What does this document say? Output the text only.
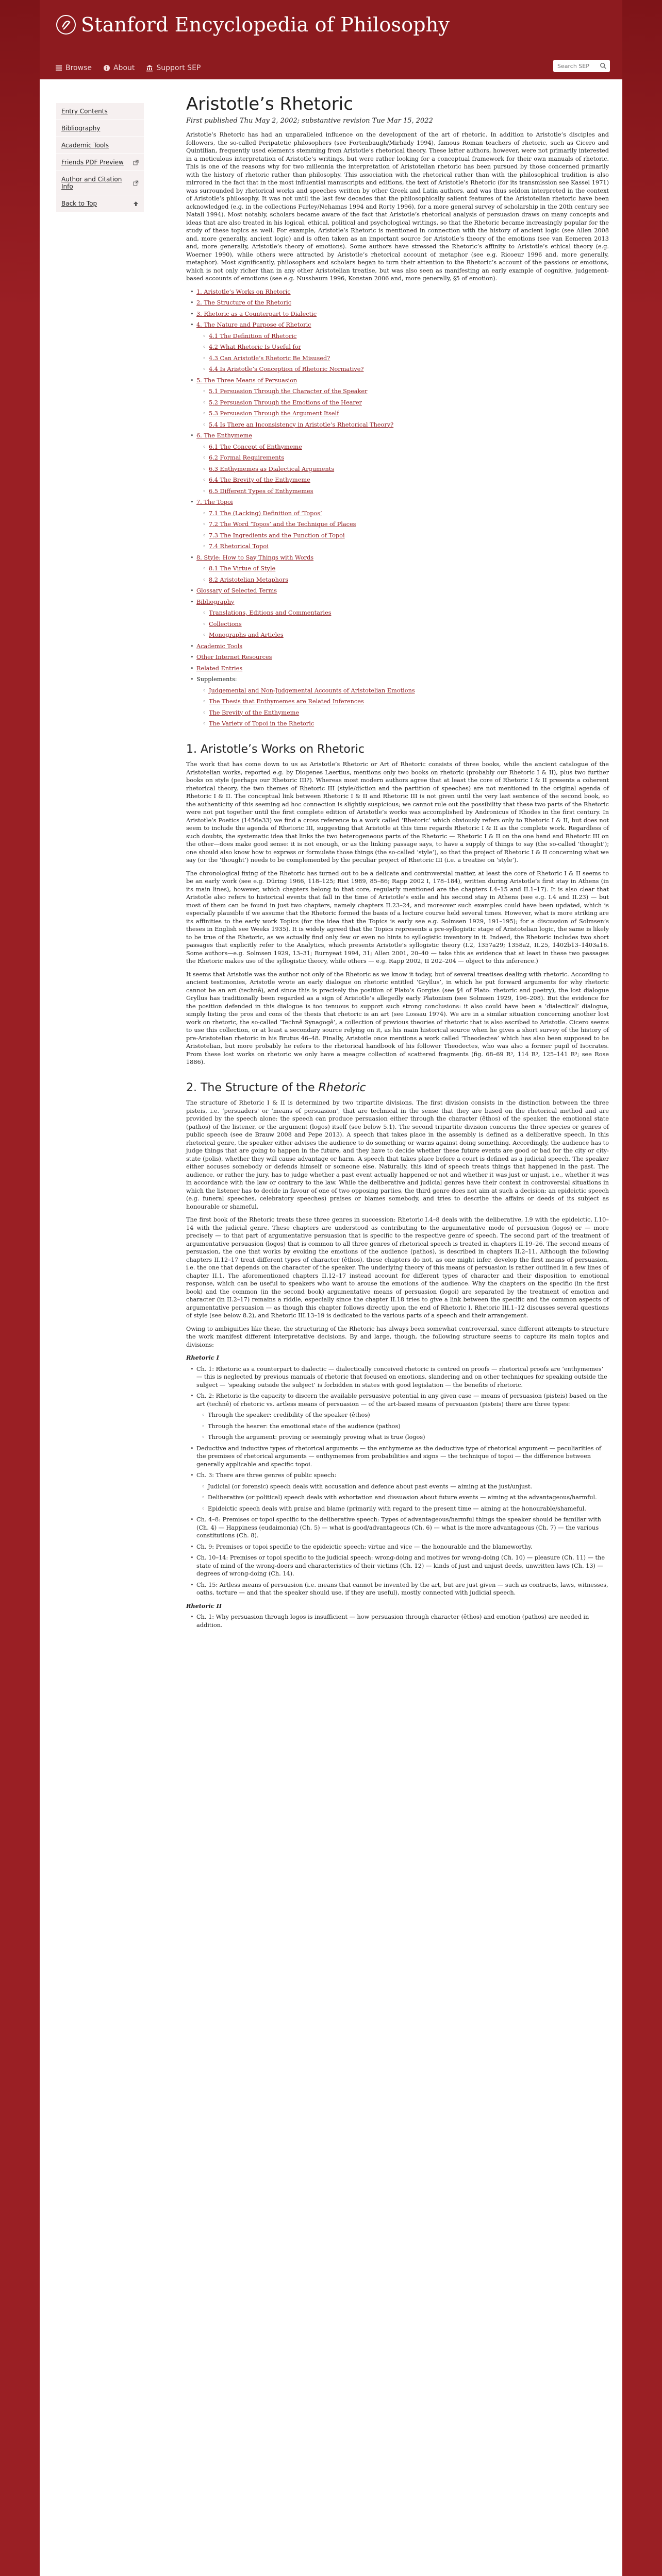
Stanford Encyclopedia of Philosophy
Browse	About	Support SEP
Search SEP
Entry Contents
Bibliography
Academic Tools
Friends PDF Preview
Author and Citation Info
Back to Top
Aristotle’s Rhetoric
First published Thu May 2, 2002; substantive revision Tue Mar 15, 2022

Aristotle’s Rhetoric has had an unparalleled influence on the development of the art of rhetoric. In addition to Aristotle’s disciples and followers, the so-called Peripatetic philosophers (see Fortenbaugh/Mirhady 1994), famous Roman teachers of rhetoric, such as Cicero and Quintilian, frequently used elements stemming from Aristotle’s rhetorical theory. These latter authors, however, were not primarily interested in a meticulous interpretation of Aristotle’s writings, but were rather looking for a conceptual framework for their own manuals of rhetoric. This is one of the reasons why for two millennia the interpretation of Aristotelian rhetoric has been pursued by those concerned primarily with the history of rhetoric rather than philosophy. This association with the rhetorical rather than with the philosophical tradition is also mirrored in the fact that in the most influential manuscripts and editions, the text of Aristotle’s Rhetoric (for its transmission see Kassel 1971) was surrounded by rhetorical works and speeches written by other Greek and Latin authors, and was thus seldom interpreted in the context of Aristotle’s philosophy. It was not until the last few decades that the philosophically salient features of the Aristotelian rhetoric have been acknowledged (e.g. in the collections Furley/Nehamas 1994 and Rorty 1996), for a more general survey of scholarship in the 20th century see Natali 1994). Most notably, scholars became aware of the fact that Aristotle’s rhetorical analysis of persuasion draws on many concepts and ideas that are also treated in his logical, ethical, political and psychological writings, so that the Rhetoric became increasingly popular for the study of these topics as well. For example, Aristotle’s Rhetoric is mentioned in connection with the history of ancient logic (see Allen 2008 and, more generally, ancient logic) and is often taken as an important source for Aristotle’s theory of the emotions (see van Eemeren 2013 and, more generally, Aristotle’s theory of emotions). Some authors have stressed the Rhetoric’s affinity to Aristotle’s ethical theory (e.g. Woerner 1990), while others were attracted by Aristotle’s rhetorical account of metaphor (see e.g. Ricoeur 1996 and, more generally, metaphor). Most significantly, philosophers and scholars began to turn their attention to the Rhetoric’s account of the passions or emotions, which is not only richer than in any other Aristotelian treatise, but was also seen as manifesting an early example of cognitive, judgement-based accounts of emotions (see e.g. Nussbaum 1996, Konstan 2006 and, more generally, §5 of emotion).

• 1. Aristotle’s Works on Rhetoric
• 2. The Structure of the Rhetoric
• 3. Rhetoric as a Counterpart to Dialectic
• 4. The Nature and Purpose of Rhetoric
◦ 4.1 The Definition of Rhetoric
◦ 4.2 What Rhetoric Is Useful for
◦ 4.3 Can Aristotle’s Rhetoric Be Misused?
◦ 4.4 Is Aristotle’s Conception of Rhetoric Normative?
• 5. The Three Means of Persuasion
◦ 5.1 Persuasion Through the Character of the Speaker
◦ 5.2 Persuasion Through the Emotions of the Hearer
◦ 5.3 Persuasion Through the Argument Itself
◦ 5.4 Is There an Inconsistency in Aristotle’s Rhetorical Theory?
• 6. The Enthymeme
◦ 6.1 The Concept of Enthymeme
◦ 6.2 Formal Requirements
◦ 6.3 Enthymemes as Dialectical Arguments
◦ 6.4 The Brevity of the Enthymeme
◦ 6.5 Different Types of Enthymemes
• 7. The Topoi
◦ 7.1 The (Lacking) Definition of ‘Topos’
◦ 7.2 The Word ‘Topos’ and the Technique of Places
◦ 7.3 The Ingredients and the Function of Topoi
◦ 7.4 Rhetorical Topoi
• 8. Style: How to Say Things with Words
◦ 8.1 The Virtue of Style
◦ 8.2 Aristotelian Metaphors
• Glossary of Selected Terms
• Bibliography
◦ Translations, Editions and Commentaries
◦ Collections
◦ Monographs and Articles
• Academic Tools
• Other Internet Resources
• Related Entries
• Supplements:
◦ Judgemental and Non-Judgemental Accounts of Aristotelian Emotions
◦ The Thesis that Enthymemes are Related Inferences
◦ The Brevity of the Enthymeme
◦ The Variety of Topoi in the Rhetoric
1. Aristotle’s Works on Rhetoric

The work that has come down to us as Aristotle’s Rhetoric or Art of Rhetoric consists of three books, while the ancient catalogue of the Aristotelian works, reported e.g. by Diogenes Laertius, mentions only two books on rhetoric (probably our Rhetoric I & II), plus two further books on style (perhaps our Rhetoric III?). Whereas most modern authors agree that at least the core of Rhetoric I & II presents a coherent rhetorical theory, the two themes of Rhetoric III (style/diction and the partition of speeches) are not mentioned in the original agenda of Rhetoric I & II. The conceptual link between Rhetoric I & II and Rhetoric III is not given until the very last sentence of the second book, so the authenticity of this seeming ad hoc connection is slightly suspicious; we cannot rule out the possibility that these two parts of the Rhetoric were not put together until the first complete edition of Aristotle’s works was accomplished by Andronicus of Rhodes in the first century. In Aristotle’s Poetics (1456a33) we find a cross reference to a work called ‘Rhetoric’ which obviously refers only to Rhetoric I & II, but does not seem to include the agenda of Rhetoric III, suggesting that Aristotle at this time regards Rhetoric I & II as the complete work. Regardless of such doubts, the systematic idea that links the two heterogeneous parts of the Rhetoric — Rhetoric I & II on the one hand and Rhetoric III on the other—does make good sense: it is not enough, or as the linking passage says, to have a supply of things to say (the so-called ‘thought’); one should also know how to express or formulate those things (the so-called ‘style’), so that the project of Rhetoric I & II concerning what we say (or the ‘thought’) needs to be complemented by the peculiar project of Rhetoric III (i.e. a treatise on ‘style’).

The chronological fixing of the Rhetoric has turned out to be a delicate and controversial matter, at least the core of Rhetoric I & II seems to be an early work (see e.g. Düring 1966, 118–125; Rist 1989, 85–86; Rapp 2002 I, 178–184), written during Aristotle’s first stay in Athens (in its main lines), however, which chapters belong to that core, regularly mentioned are the chapters I.4–15 and II.1–17). It is also clear that Aristotle also refers to historical events that fall in the time of Aristotle’s exile and his second stay in Athens (see e.g. I.4 and II.23) — but most of them can be found in just two chapters, namely chapters II.23–24, and moreover such examples could have been updated, which is especially plausible if we assume that the Rhetoric formed the basis of a lecture course held several times. However, what is more striking are its affinities to the early work Topics (for the idea that the Topics is early see e.g. Solmsen 1929, 191–195); for a discussion of Solmsen’s theses in English see Weeks 1935). It is widely agreed that the Topics represents a pre-syllogistic stage of Aristotelian logic, the same is likely to be true of the Rhetoric, as we actually find only few or even no hints to syllogistic inventory in it. Indeed, the Rhetoric includes two short passages that explicitly refer to the Analytics, which presents Aristotle’s syllogistic theory (I.2, 1357a29; 1358a2, II.25, 1402b13–1403a16. Some authors—e.g. Solmsen 1929, 13–31; Burnyeat 1994, 31; Allen 2001, 20–40 — take this as evidence that at least in these two passages the Rhetoric makes use of the syllogistic theory, while others — e.g. Rapp 2002, II 202–204 — object to this inference.)

It seems that Aristotle was the author not only of the Rhetoric as we know it today, but of several treatises dealing with rhetoric. According to ancient testimonies, Aristotle wrote an early dialogue on rhetoric entitled ‘Gryllus’, in which he put forward arguments for why rhetoric cannot be an art (technê), and since this is precisely the position of Plato’s Gorgias (see §4 of Plato: rhetoric and poetry), the lost dialogue Gryllus has traditionally been regarded as a sign of Aristotle’s allegedly early Platonism (see Solmsen 1929, 196–208). But the evidence for the position defended in this dialogue is too tenuous to support such strong conclusions: it also could have been a ‘dialectical’ dialogue, simply listing the pros and cons of the thesis that rhetoric is an art (see Lossau 1974). We are in a similar situation concerning another lost work on rhetoric, the so-called ‘Technê Synagogê’, a collection of previous theories of rhetoric that is also ascribed to Aristotle. Cicero seems to use this collection, or at least a secondary source relying on it, as his main historical source when he gives a short survey of the history of pre-Aristotelian rhetoric in his Brutus 46–48. Finally, Aristotle once mentions a work called ‘Theodectea’ which has also been supposed to be Aristotelian, but more probably he refers to the rhetorical handbook of his follower Theodectes, who was also a former pupil of Isocrates. From these lost works on rhetoric we only have a meagre collection of scattered fragments (fig. 68–69 R³, 114 R³, 125–141 R³; see Rose 1886).

2. The Structure of the Rhetoric

The structure of Rhetoric I & II is determined by two tripartite divisions. The first division consists in the distinction between the three pisteis, i.e. ‘persuaders’ or ‘means of persuasion’, that are technical in the sense that they are based on the rhetorical method and are provided by the speech alone: the speech can produce persuasion either through the character (êthos) of the speaker, the emotional state (pathos) of the listener, or the argument (logos) itself (see below 5.1). The second tripartite division concerns the three species or genres of public speech (see de Brauw 2008 and Pepe 2013). A speech that takes place in the assembly is defined as a deliberative speech. In this rhetorical genre, the speaker either advises the audience to do something or warns against doing something. Accordingly, the audience has to judge things that are going to happen in the future, and they have to decide whether these future events are good or bad for the city or city-state (polis), whether they will cause advantage or harm. A speech that takes place before a court is defined as a judicial speech. The speaker either accuses somebody or defends himself or someone else. Naturally, this kind of speech treats things that happened in the past. The audience, or rather the jury, has to judge whether a past event actually happened or not and whether it was just or unjust, i.e., whether it was in accordance with the law or contrary to the law. While the deliberative and judicial genres have their context in controversial situations in which the listener has to decide in favour of one of two opposing parties, the third genre does not aim at such a decision: an epideictic speech (e.g. funeral speeches, celebratory speeches) praises or blames somebody, and tries to describe the affairs or deeds of its subject as honourable or shameful.

The first book of the Rhetoric treats these three genres in succession: Rhetoric I.4–8 deals with the deliberative, I.9 with the epideictic, I.10–14 with the judicial genre. These chapters are understood as contributing to the argumentative mode of persuasion (logos) or — more precisely — to that part of argumentative persuasion that is specific to the respective genre of speech. The second part of the treatment of argumentative persuasion (logos) that is common to all three genres of rhetorical speech is treated in chapters II.19–26. The second means of persuasion, the one that works by evoking the emotions of the audience (pathos), is described in chapters II.2–11. Although the following chapters II.12–17 treat different types of character (êthos), these chapters do not, as one might infer, develop the first means of persuasion, i.e. the one that depends on the character of the speaker. The underlying theory of this means of persuasion is rather outlined in a few lines of chapter II.1. The aforementioned chapters II.12–17 instead account for different types of character and their disposition to emotional response, which can be useful to speakers who want to arouse the emotions of the audience. Why the chapters on the specific (in the first book) and the common (in the second book) argumentative means of persuasion (logoi) are separated by the treatment of emotion and character (in II.2–17) remains a riddle, especially since the chapter II.18 tries to give a link between the specific and the common aspects of argumentative persuasion — as though this chapter follows directly upon the end of Rhetoric I. Rhetoric III.1–12 discusses several questions of style (see below 8.2), and Rhetoric III.13–19 is dedicated to the various parts of a speech and their arrangement.

Owing to ambiguities like these, the structuring of the Rhetoric has always been somewhat controversial, since different attempts to structure the work manifest different interpretative decisions. By and large, though, the following structure seems to capture its main topics and divisions:

Rhetoric I
• Ch. 1: Rhetoric as a counterpart to dialectic — dialectically conceived rhetoric is centred on proofs — rhetorical proofs are ‘enthymemes’ — this is neglected by previous manuals of rhetoric that focused on emotions, slandering and on other techniques for speaking outside the subject — ‘speaking outside the subject’ is forbidden in states with good legislation — the benefits of rhetoric.
• Ch. 2: Rhetoric is the capacity to discern the available persuasive potential in any given case — means of persuasion (pisteis) based on the art (technê) of rhetoric vs. artless means of persuasion — of the art-based means of persuasion (pisteis) there are three types:
◦ Through the speaker: credibility of the speaker (êthos)
◦ Through the hearer: the emotional state of the audience (pathos)
◦ Through the argument: proving or seemingly proving what is true (logos)
• Deductive and inductive types of rhetorical arguments — the enthymeme as the deductive type of rhetorical argument — peculiarities of the premises of rhetorical arguments — enthymemes from probabilities and signs — the technique of topoi — the difference between generally applicable and specific topoi.
• Ch. 3: There are three genres of public speech:
◦ Judicial (or forensic) speech deals with accusation and defence about past events — aiming at the just/unjust.
◦ Deliberative (or political) speech deals with exhortation and dissuasion about future events — aiming at the advantageous/harmful.
◦ Epideictic speech deals with praise and blame (primarily with regard to the present time — aiming at the honourable/shameful.
• Ch. 4–8: Premises or topoi specific to the deliberative speech: Types of advantageous/harmful things the speaker should be familiar with (Ch. 4) — Happiness (eudaimonia) (Ch. 5) — what is good/advantageous (Ch. 6) — what is the more advantageous (Ch. 7) — the various constitutions (Ch. 8).
• Ch. 9: Premises or topoi specific to the epideictic speech: virtue and vice — the honourable and the blameworthy.
• Ch. 10–14: Premises or topoi specific to the judicial speech: wrong-doing and motives for wrong-doing (Ch. 10) — pleasure (Ch. 11) — the state of mind of the wrong-doers and characteristics of their victims (Ch. 12) — kinds of just and unjust deeds, unwritten laws (Ch. 13) — degrees of wrong-doing (Ch. 14).
• Ch. 15: Artless means of persuasion (i.e. means that cannot be invented by the art, but are just given — such as contracts, laws, witnesses, oaths, torture — and that the speaker should use, if they are useful), mostly connected with judicial speech.
Rhetoric II
• Ch. 1: Why persuasion through logos is insufficient — how persuasion through character (êthos) and emotion (pathos) are needed in addition.
